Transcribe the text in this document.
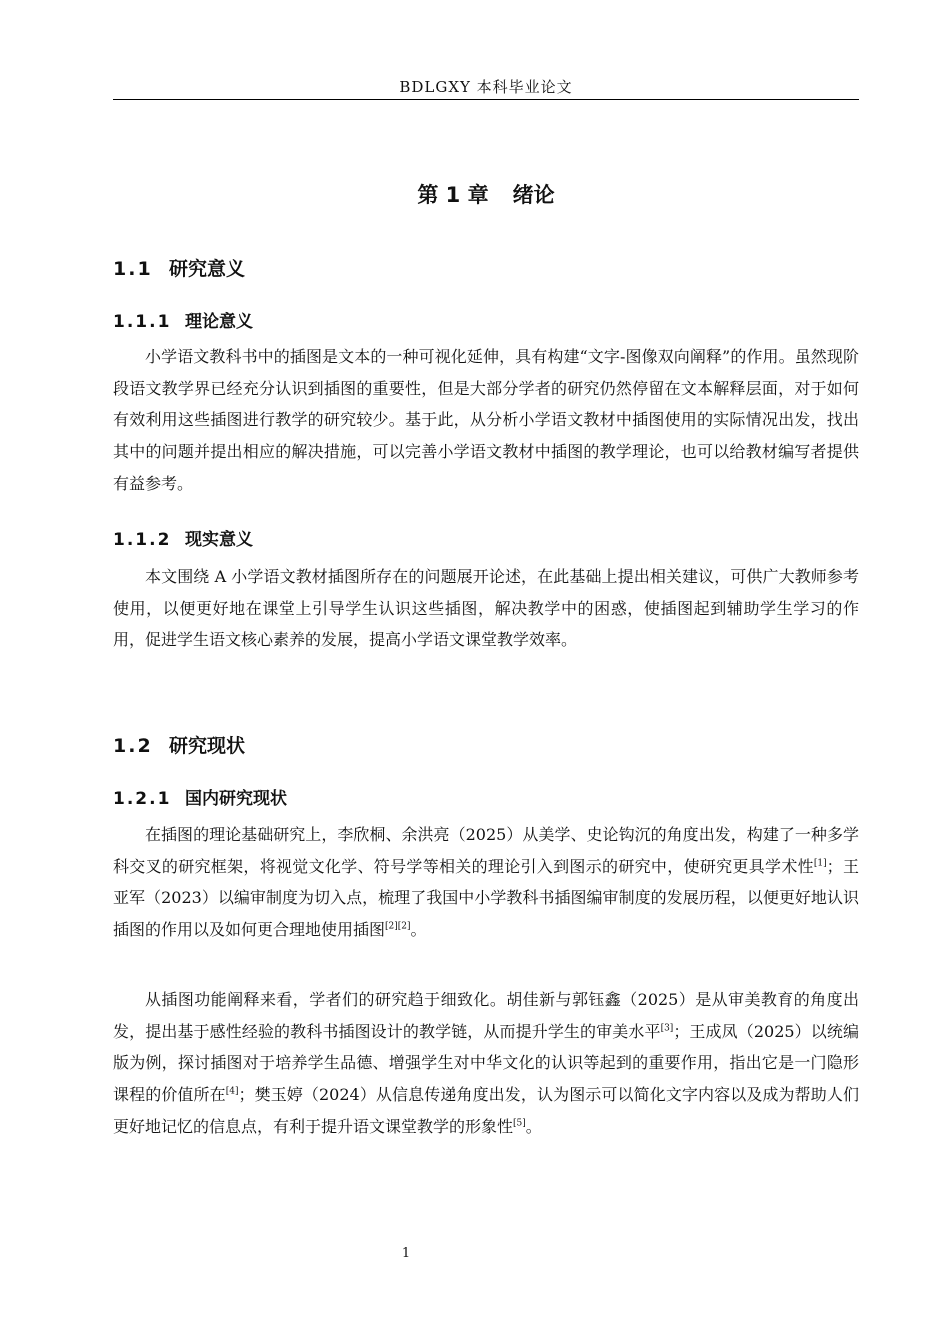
BDLGXY 本科毕业论文
第 1 章 绪论
1.1 研究意义
1.1.1 理论意义

小学语文教科书中的插图是文本的一种可视化延伸，具有构建“文字-图像双向阐释”的作用。虽然现阶段语文教学界已经充分认识到插图的重要性，但是大部分学者的研究仍然停留在文本解释层面，对于如何有效利用这些插图进行教学的研究较少。基于此，从分析小学语文教材中插图使用的实际情况出发，找出其中的问题并提出相应的解决措施，可以完善小学语文教材中插图的教学理论，也可以给教材编写者提供有益参考。

1.1.2 现实意义

本文围绕 A 小学语文教材插图所存在的问题展开论述，在此基础上提出相关建议，可供广大教师参考使用，以便更好地在课堂上引导学生认识这些插图，解决教学中的困惑，使插图起到辅助学生学习的作用，促进学生语文核心素养的发展，提高小学语文课堂教学效率。

1.2 研究现状
1.2.1 国内研究现状

在插图的理论基础研究上，李欣桐、余洪亮（2025）从美学、史论钩沉的角度出发，构建了一种多学科交叉的研究框架，将视觉文化学、符号学等相关的理论引入到图示的研究中，使研究更具学术性[1]；王亚军（2023）以编审制度为切入点，梳理了我国中小学教科书插图编审制度的发展历程，以便更好地认识插图的作用以及如何更合理地使用插图[2][2]。

从插图功能阐释来看，学者们的研究趋于细致化。胡佳新与郭钰鑫（2025）是从审美教育的角度出发，提出基于感性经验的教科书插图设计的教学链，从而提升学生的审美水平[3]；王成凤（2025）以统编版为例，探讨插图对于培养学生品德、增强学生对中华文化的认识等起到的重要作用，指出它是一门隐形课程的价值所在[4]；樊玉婷（2024）从信息传递角度出发，认为图示可以简化文字内容以及成为帮助人们更好地记忆的信息点，有利于提升语文课堂教学的形象性[5]。

1
